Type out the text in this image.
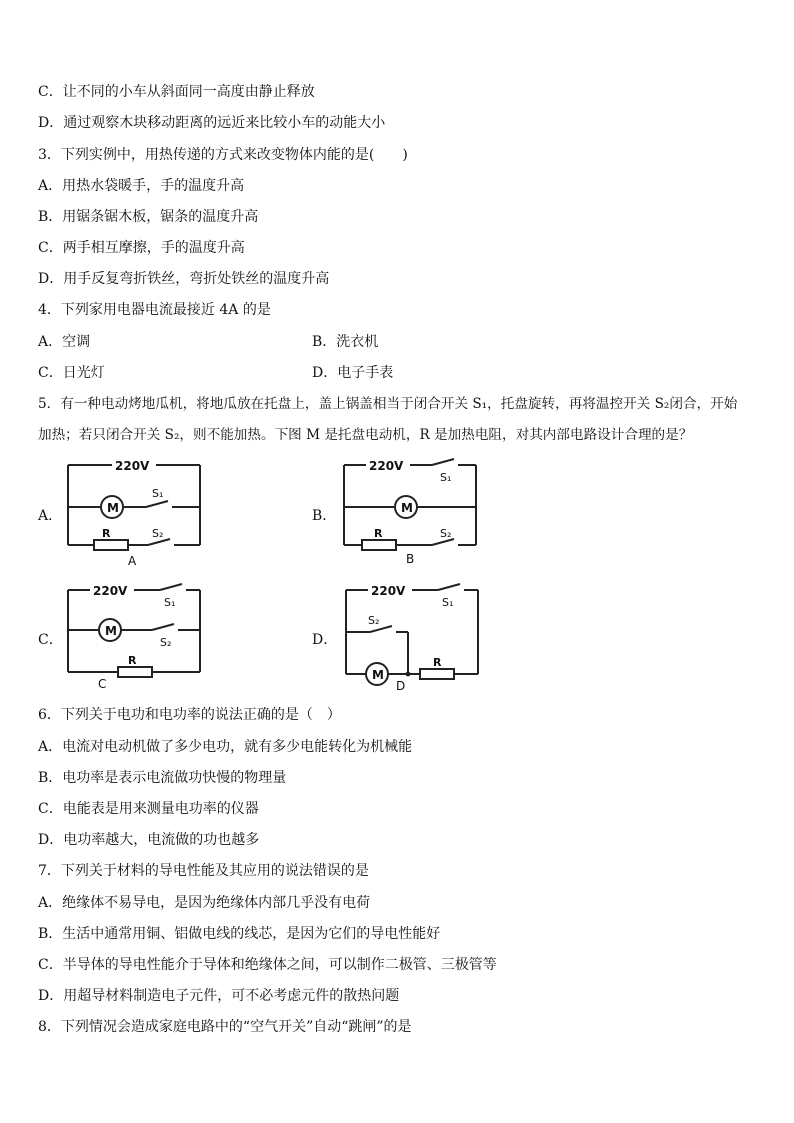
C．让不同的小车从斜面同一高度由静止释放
D．通过观察木块移动距离的远近来比较小车的动能大小
3．下列实例中，用热传递的方式来改变物体内能的是(　　)
A．用热水袋暖手，手的温度升高
B．用锯条锯木板，锯条的温度升高
C．两手相互摩擦，手的温度升高
D．用手反复弯折铁丝，弯折处铁丝的温度升高
4．下列家用电器电流最接近 4A 的是
A．空调	B．洗衣机
C．日光灯	D．电子手表
5．有一种电动烤地瓜机，将地瓜放在托盘上，盖上锅盖相当于闭合开关 S₁，托盘旋转，再将温控开关 S₂闭合，开始
加热；若只闭合开关 S₂，则不能加热。下图 M 是托盘电动机，R 是加热电阻，对其内部电路设计合理的是？
A．
220V
M
S₁
R	S₂
A
B．
220V
M
S₁
R	S₂
B
C．
220V
M
S₁
S₂
R
C
D．
220V
S₁
S₂
M
R
D
6．下列关于电功和电功率的说法正确的是（　）
A．电流对电动机做了多少电功，就有多少电能转化为机械能
B．电功率是表示电流做功快慢的物理量
C．电能表是用来测量电功率的仪器
D．电功率越大，电流做的功也越多
7．下列关于材料的导电性能及其应用的说法错误的是
A．绝缘体不易导电，是因为绝缘体内部几乎没有电荷
B．生活中通常用铜、铝做电线的线芯，是因为它们的导电性能好
C．半导体的导电性能介于导体和绝缘体之间，可以制作二极管、三极管等
D．用超导材料制造电子元件，可不必考虑元件的散热问题
8．下列情况会造成家庭电路中的“空气开关”自动“跳闸”的是
